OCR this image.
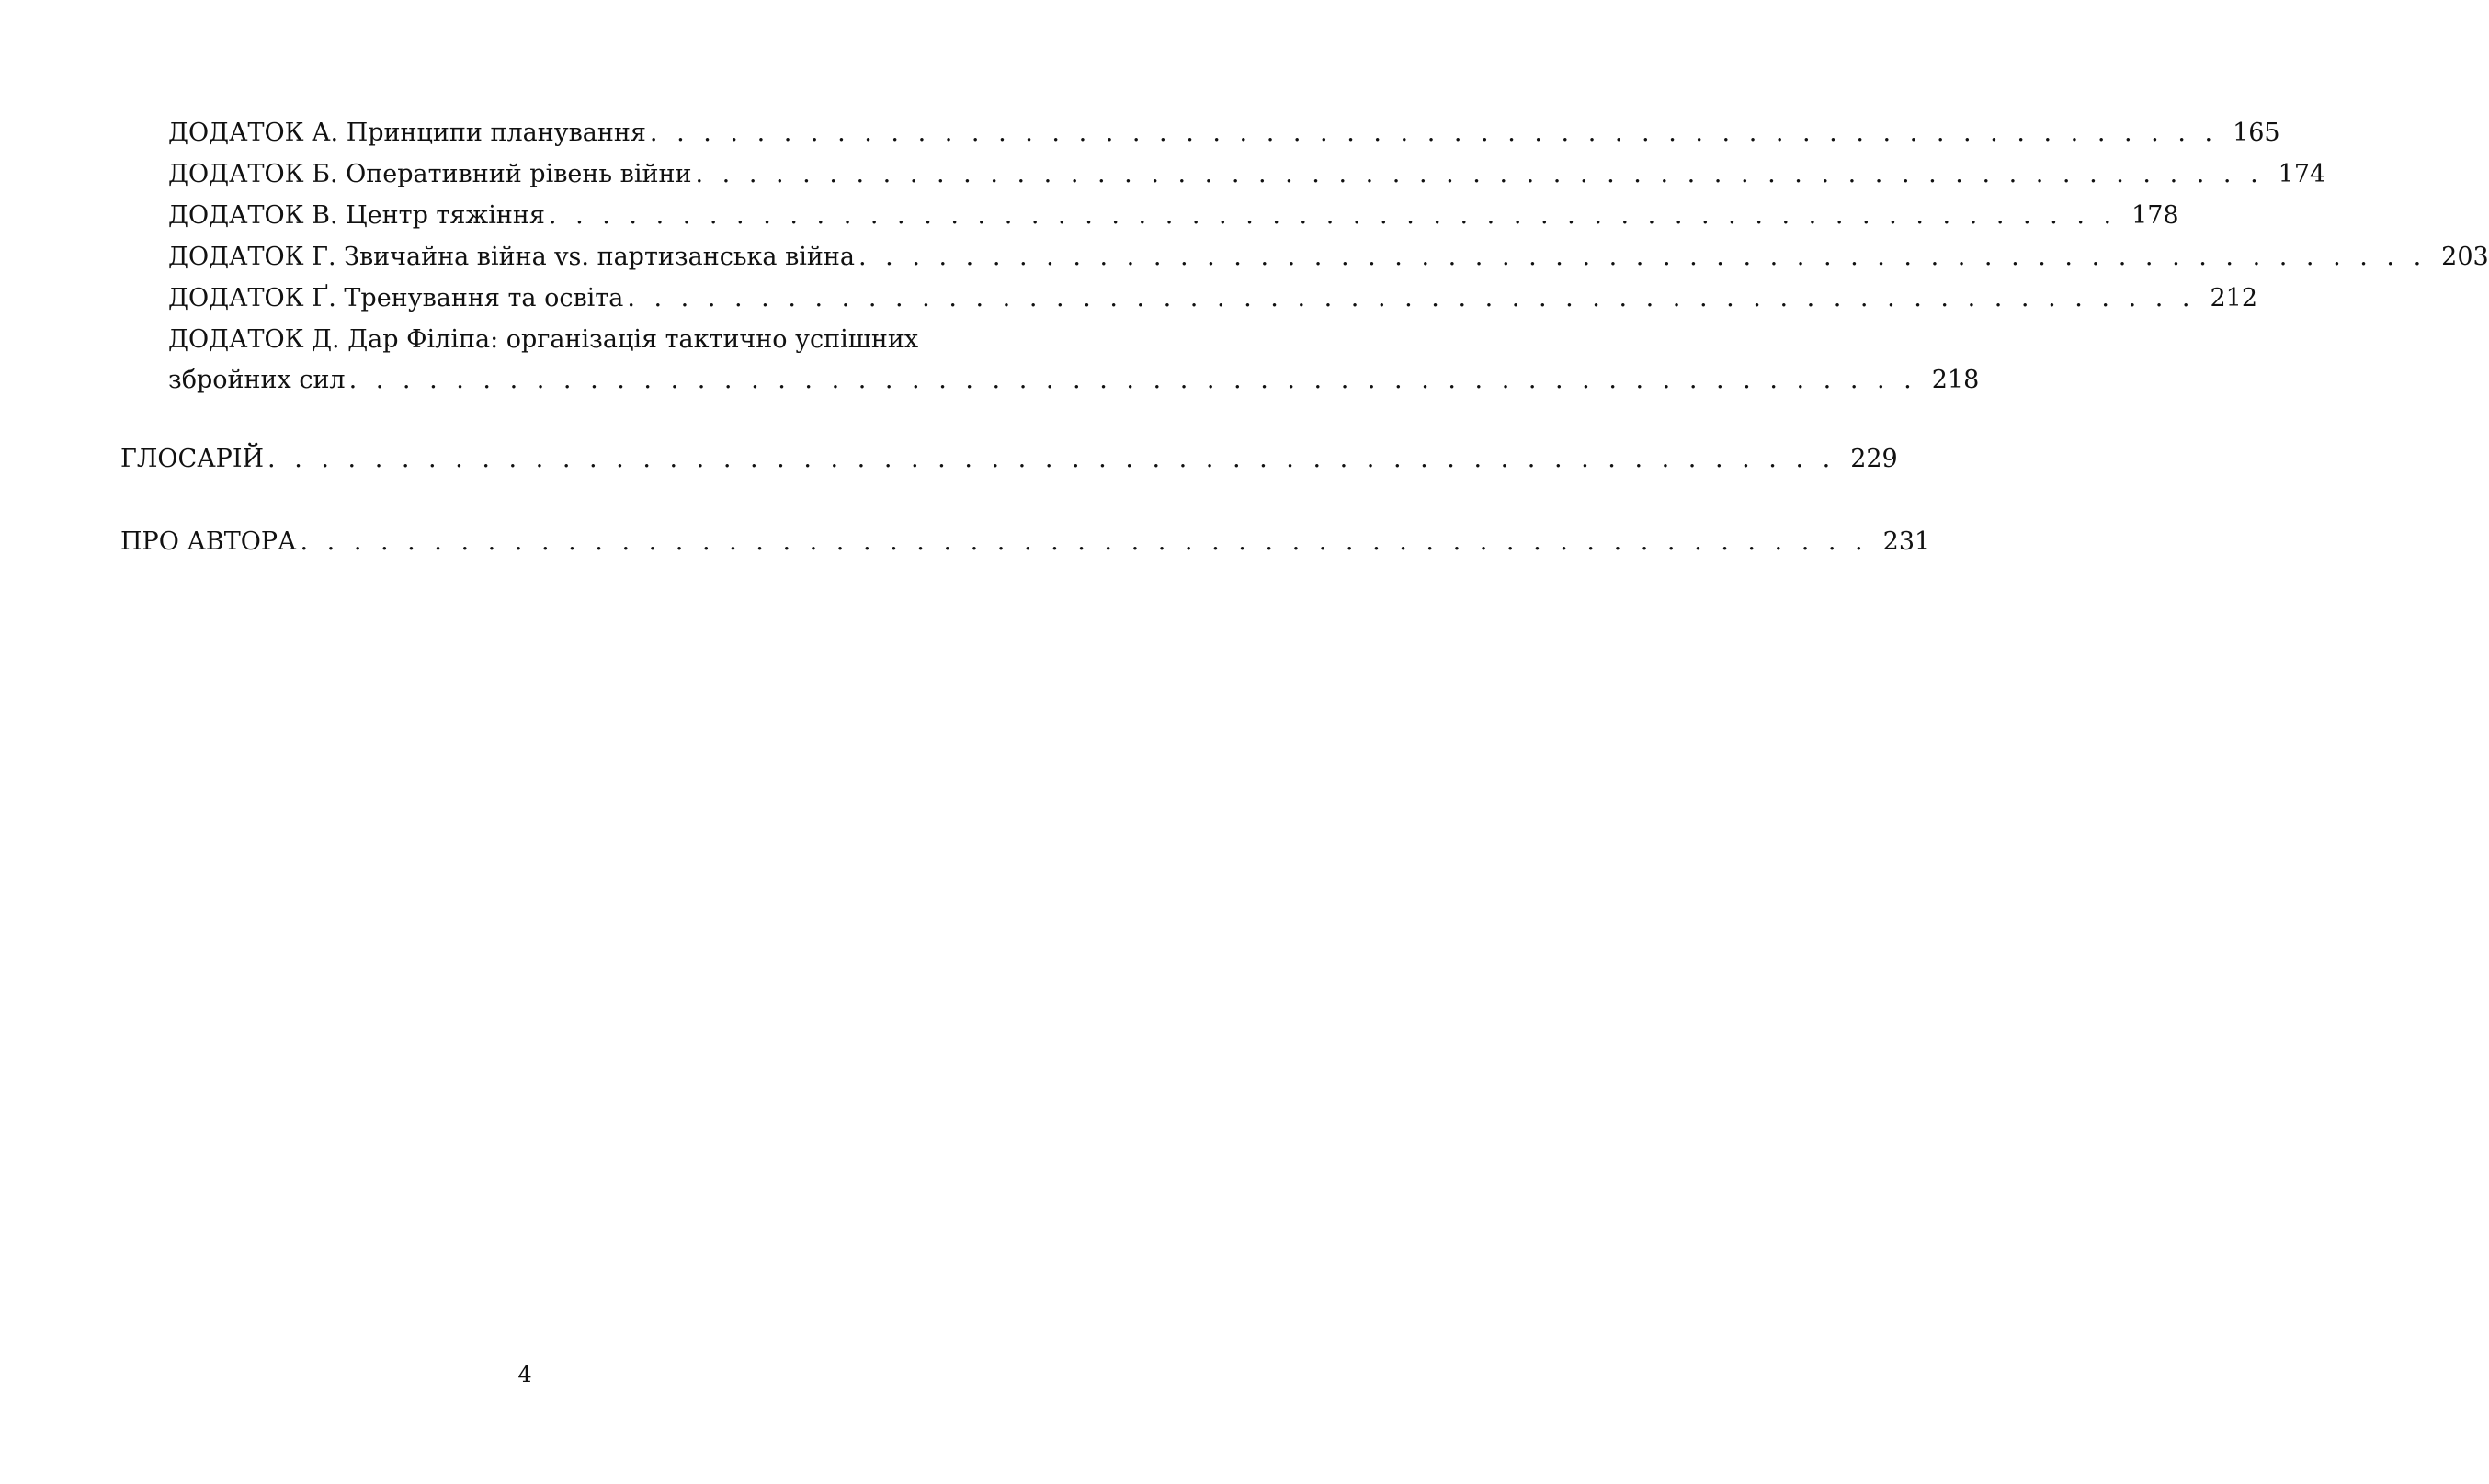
ДОДАТОК А. Принципи планування . . . . . . . . . . . . . . . . . . . . . . . . . . . . . . . . . . . . . . . . . . . . . . . . . . . . . . . . . . . 165
ДОДАТОК Б. Оперативний рівень війни . . . . . . . . . . . . . . . . . . . . . . . . . . . . . . . . . . . . . . . . . . . . . . . . . . . . . . . . . . . 174
ДОДАТОК В. Центр тяжіння . . . . . . . . . . . . . . . . . . . . . . . . . . . . . . . . . . . . . . . . . . . . . . . . . . . . . . . . . . . 178
ДОДАТОК Г. Звичайна війна vs. партизанська війна . . . . . . . . . . . . . . . . . . . . . . . . . . . . . . . . . . . . . . . . . . . . . . . . . . . . . . . . . . . 203
ДОДАТОК Ґ. Тренування та освіта . . . . . . . . . . . . . . . . . . . . . . . . . . . . . . . . . . . . . . . . . . . . . . . . . . . . . . . . . . . 212
ДОДАТОК Д. Дар Філіпа: організація тактично успішних
збройних сил . . . . . . . . . . . . . . . . . . . . . . . . . . . . . . . . . . . . . . . . . . . . . . . . . . . . . . . . . . . 218
ГЛОСАРІЙ . . . . . . . . . . . . . . . . . . . . . . . . . . . . . . . . . . . . . . . . . . . . . . . . . . . . . . . . . . . 229
ПРО АВТОРА . . . . . . . . . . . . . . . . . . . . . . . . . . . . . . . . . . . . . . . . . . . . . . . . . . . . . . . . . . . 231
4
